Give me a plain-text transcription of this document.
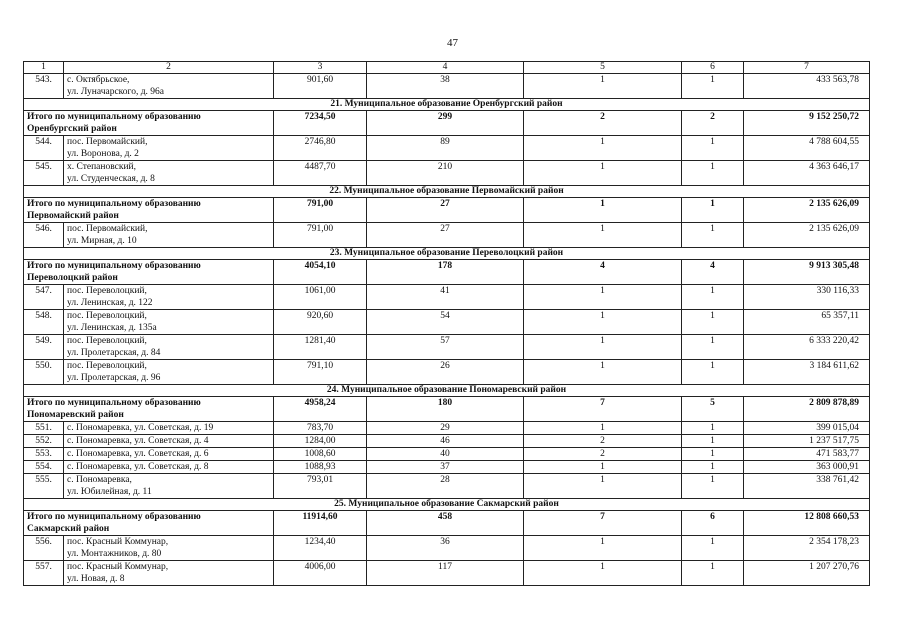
47
1	2	3	4	5	6	7
543.	с. Октябрьское,
ул. Луначарского, д. 96а	901,60	38	1	1	433 563,78
21. Муниципальное образование Оренбургский район						

Итого по муниципальному образованию
Оренбургский район		7234,50	299	2	2	9 152 250,72
544.	пос. Первомайский,
ул. Воронова, д. 2	2746,80	89	1	1	4 788 604,55
545.	х. Степановский,
ул. Студенческая, д. 8	4487,70	210	1	1	4 363 646,17
22. Муниципальное образование Первомайский район						

Итого по муниципальному образованию
Первомайский район		791,00	27	1	1	2 135 626,09
546.	пос. Первомайский,
ул. Мирная, д. 10	791,00	27	1	1	2 135 626,09
23. Муниципальное образование Переволоцкий район						

Итого по муниципальному образованию
Переволоцкий район		4054,10	178	4	4	9 913 305,48
547.	пос. Переволоцкий,
ул. Ленинская, д. 122	1061,00	41	1	1	330 116,33
548.	пос. Переволоцкий,
ул. Ленинская, д. 135а	920,60	54	1	1	65 357,11
549.	пос. Переволоцкий,
ул. Пролетарская, д. 84	1281,40	57	1	1	6 333 220,42
550.	пос. Переволоцкий,
ул. Пролетарская, д. 96	791,10	26	1	1	3 184 611,62
24. Муниципальное образование Пономаревский район						

Итого по муниципальному образованию
Пономаревский район		4958,24	180	7	5	2 809 878,89
551.	с. Пономаревка, ул. Советская, д. 19	783,70	29	1	1	399 015,04
552.	с. Пономаревка, ул. Советская, д. 4	1284,00	46	2	1	1 237 517,75
553.	с. Пономаревка, ул. Советская, д. 6	1008,60	40	2	1	471 583,77
554.	с. Пономаревка, ул. Советская, д. 8	1088,93	37	1	1	363 000,91
555.	с. Пономаревка,
ул. Юбилейная, д. 11	793,01	28	1	1	338 761,42
25. Муниципальное образование Сакмарский район						

Итого по муниципальному образованию
Сакмарский район		11914,60	458	7	6	12 808 660,53
556.	пос. Красный Коммунар,
ул. Монтажников, д. 80	1234,40	36	1	1	2 354 178,23
557.	пос. Красный Коммунар,
ул. Новая, д. 8	4006,00	117	1	1	1 207 270,76
